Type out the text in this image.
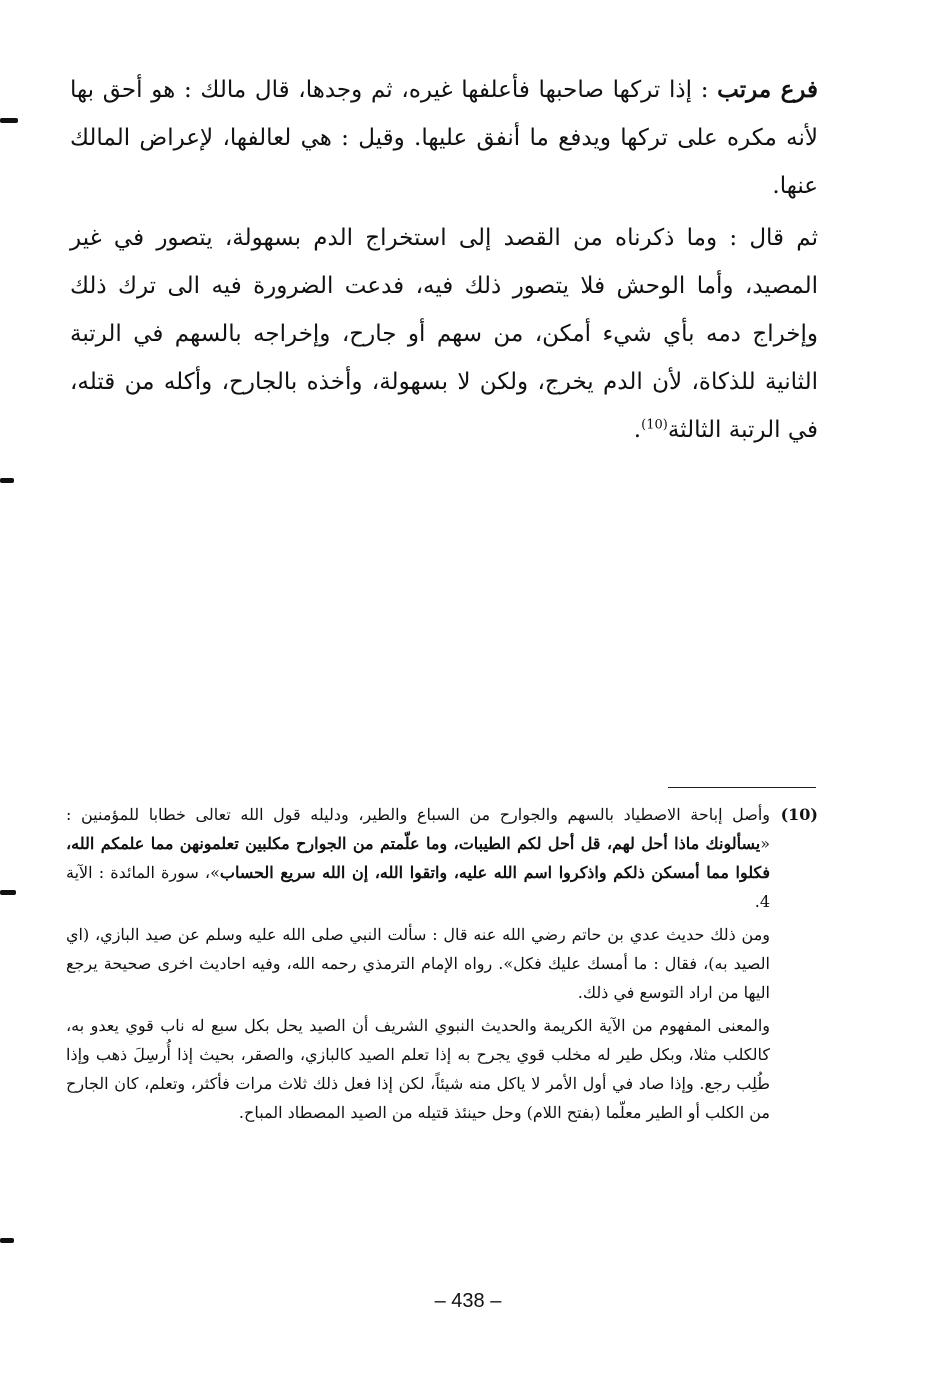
فرع مرتب : إذا تركها صاحبها فأعلفها غيره، ثم وجدها، قال مالك : هو أحق بها لأنه مكره على تركها ويدفع ما أنفق عليها. وقيل : هي لعالفها، لإعراض المالك عنها.

ثم قال : وما ذكرناه من القصد إلى استخراج الدم بسهولة، يتصور في غير المصيد، وأما الوحش فلا يتصور ذلك فيه، فدعت الضرورة فيه الى ترك ذلك وإخراج دمه بأي شيء أمكن، من سهم أو جارح، وإخراجه بالسهم في الرتبة الثانية للذكاة، لأن الدم يخرج، ولكن لا بسهولة، وأخذه بالجارح، وأكله من قتله، في الرتبة الثالثة$^{(10)}$.

(10)وأصل إباحة الاصطياد بالسهم والجوارح من السباع والطير، ودليله قول الله تعالى خطابا للمؤمنين : «يسألونك ماذا أحل لهم، قل أحل لكم الطيبات، وما علّمتم من الجوارح مكلبين تعلمونهن مما علمكم الله، فكلوا مما أمسكن ذلكم واذكروا اسم الله عليه، واتقوا الله، إن الله سريع الحساب»، سورة المائدة : الآية 4.

ومن ذلك حديث عدي بن حاتم رضي الله عنه قال : سألت النبي صلى الله عليه وسلم عن صيد البازي، (اي الصيد به)، فقال : ما أمسك عليك فكل». رواه الإمام الترمذي رحمه الله، وفيه احاديث اخرى صحيحة يرجع اليها من اراد التوسع في ذلك.

والمعنى المفهوم من الآية الكريمة والحديث النبوي الشريف أن الصيد يحل بكل سبع له ناب قوي يعدو به، كالكلب مثلا، وبكل طير له مخلب قوي يجرح به إذا تعلم الصيد كالبازي، والصقر، بحيث إذا أُرسِلَ ذهب وإذا طُلِب رجع. وإذا صاد في أول الأمر لا ياكل منه شيئاً، لكن إذا فعل ذلك ثلاث مرات فأكثر، وتعلم، كان الجارح من الكلب أو الطير معلّما (بفتح اللام) وحل حينئذ قتيله من الصيد المصطاد المباح.

– 438 –
